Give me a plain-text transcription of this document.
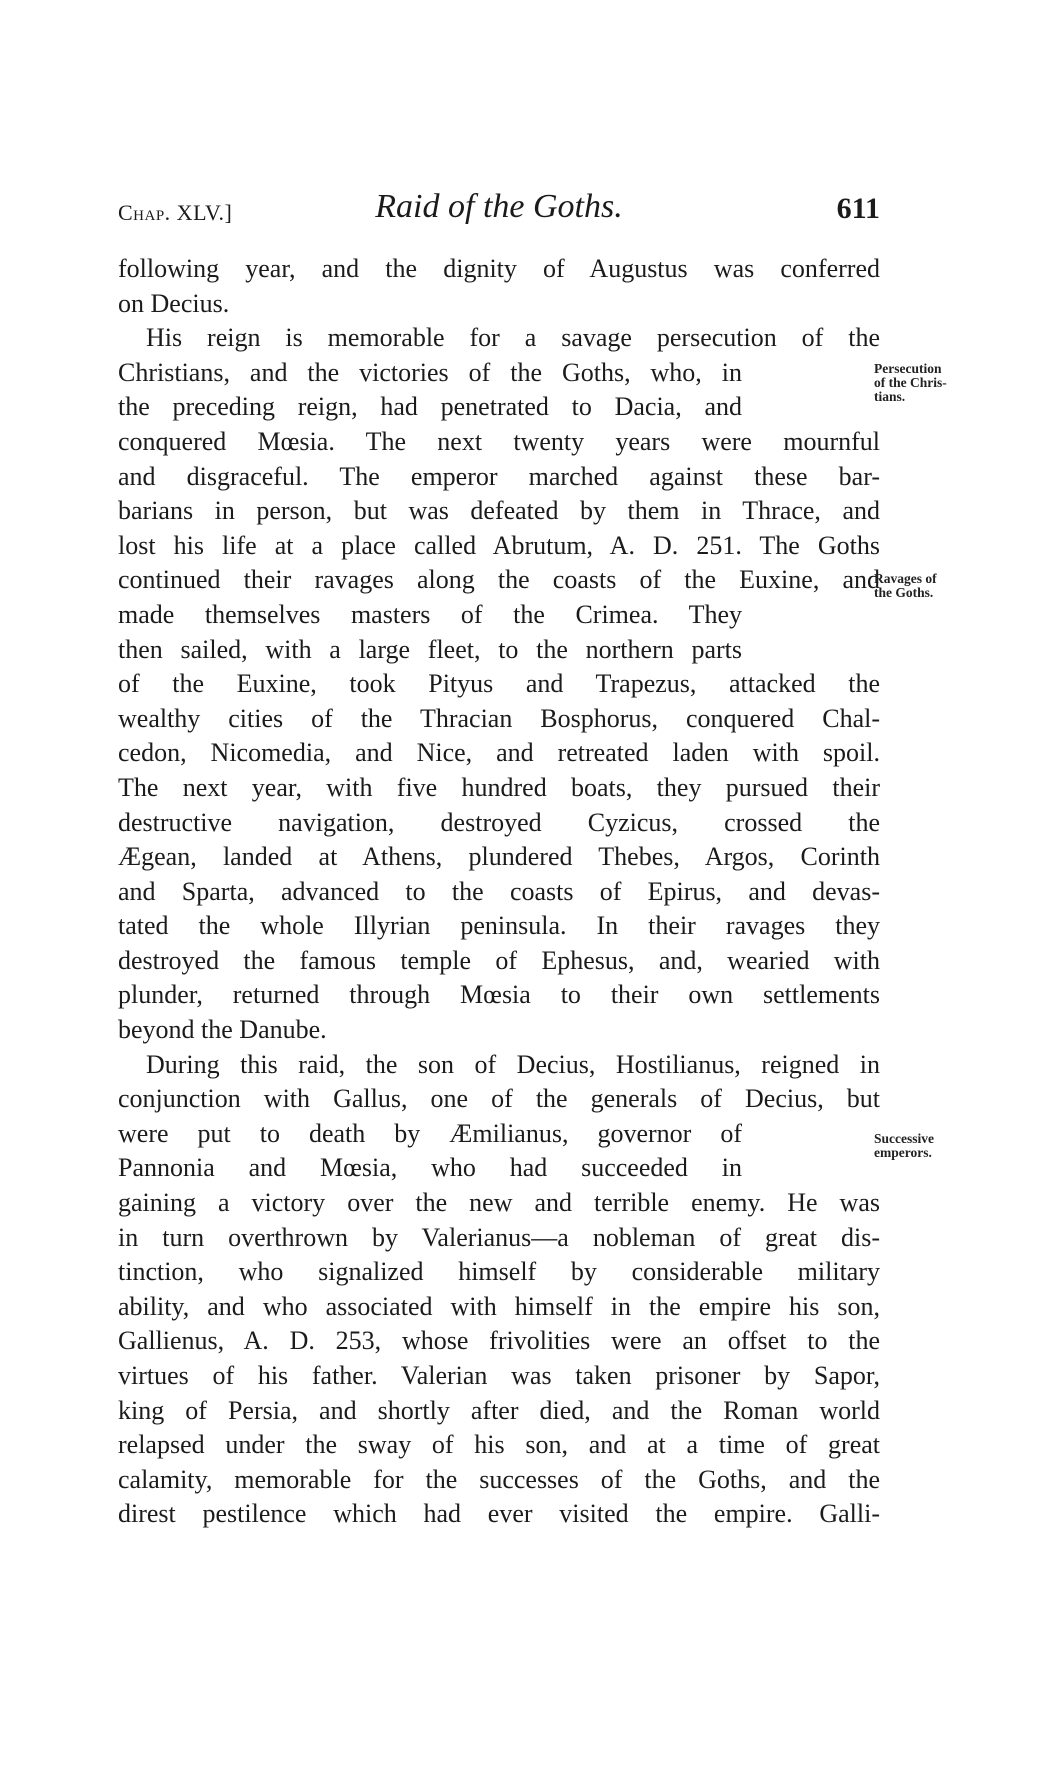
Chap. XLV.]	Raid of the Goths.	611
following year, and the dignity of Augustus was conferred
on Decius.
His reign is memorable for a savage persecution of the
Christians, and the victories of the Goths, who, in
the preceding reign, had penetrated to Dacia, and
conquered Mœsia. The next twenty years were mournful
and disgraceful. The emperor marched against these bar-
barians in person, but was defeated by them in Thrace, and
lost his life at a place called Abrutum, A. D. 251. The Goths
continued their ravages along the coasts of the Euxine, and
made themselves masters of the Crimea. They
then sailed, with a large fleet, to the northern parts
of the Euxine, took Pityus and Trapezus, attacked the
wealthy cities of the Thracian Bosphorus, conquered Chal-
cedon, Nicomedia, and Nice, and retreated laden with spoil.
The next year, with five hundred boats, they pursued their
destructive navigation, destroyed Cyzicus, crossed the
Ægean, landed at Athens, plundered Thebes, Argos, Corinth
and Sparta, advanced to the coasts of Epirus, and devas-
tated the whole Illyrian peninsula. In their ravages they
destroyed the famous temple of Ephesus, and, wearied with
plunder, returned through Mœsia to their own settlements
beyond the Danube.
During this raid, the son of Decius, Hostilianus, reigned in
conjunction with Gallus, one of the generals of Decius, but
were put to death by Æmilianus, governor of
Pannonia and Mœsia, who had succeeded in
gaining a victory over the new and terrible enemy. He was
in turn overthrown by Valerianus—a nobleman of great dis-
tinction, who signalized himself by considerable military
ability, and who associated with himself in the empire his son,
Gallienus, A. D. 253, whose frivolities were an offset to the
virtues of his father. Valerian was taken prisoner by Sapor,
king of Persia, and shortly after died, and the Roman world
relapsed under the sway of his son, and at a time of great
calamity, memorable for the successes of the Goths, and the
direst pestilence which had ever visited the empire. Galli-
Persecution
of the Chris-
tians.
Ravages of
the Goths.
Successive
emperors.
